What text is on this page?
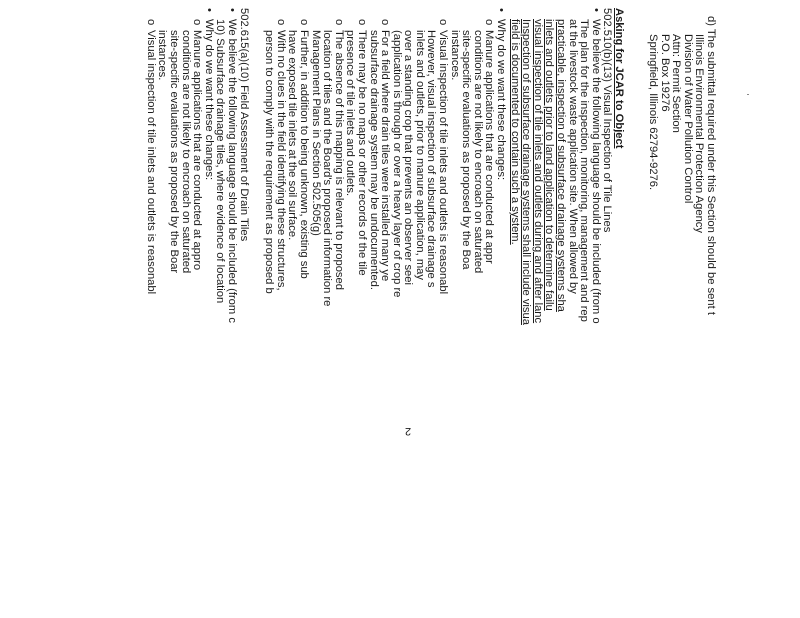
d) The submittal required under this Section should be sent t
Illinois Environmental Protection Agency
Division of Water Pollution Control
Attn: Permit Section
P.O. Box 19276
Springfield, Illinois 62794-9276.
Asking for JCAR to Object
502.510(b)(13) Visual Inspection of Tile Lines
•We believe the following language should be included (from o
The plan for the inspection, monitoring, management and rep
at the livestock waste application site. When allowed by
practicable, inspection of subsurface drainage systems sha
inlets and outlets prior to land application to determine failu
visual inspection of tile inlets and outlets during and after lanc
Inspection of subsurface drainage systems shall include visua
field is documented to contain such a system.
•Why do we want these changes:
oManure applications that are conducted at appr
conditions are not likely to encroach on saturated
site-specific evaluations as proposed by the Boa
instances.
oVisual inspection of tile inlets and outlets is reasonabl
However, visual inspection of subsurface drainage s
inlets and outlets, prior to manure application, may
over a standing crop that prevents an observer seei
(application is through or over a heavy layer of crop re
oFor a field where drain tiles were installed many ye
subsurface drainage system may be undocumented.
oThere may be no maps or other records of the tile
presence of tile inlets and outlets.
oThe absence of this mapping is relevant to proposed
location of tiles and the Board's proposed information re
Management Plans in Section 502.505(g)
oFurther, in addition to being unknown, existing sub
have exposed tile inlets at the soil surface.
oWith no clues in the field identifying these structures,
person to comply with the requirement as proposed b
502.615(a)(10) Field Assessment of Drain Tiles
•We believe the following language should be included (from c
10) Subsurface drainage tiles, where evidence of location
•Why do we want these changes:
oManure applications that are conducted at appro
conditions are not likely to encroach on saturated
site-specific evaluations as proposed by the Boar
instances.
oVisual inspection of tile inlets and outlets is reasonabl
2
